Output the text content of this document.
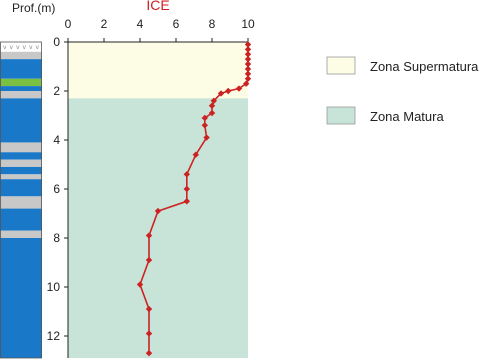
v v v v v v
0 2 4 6 8 10
0
2
4
6
8
10
12
Zona Supermatura
Zona Matura
ICE
Prof.(m)
